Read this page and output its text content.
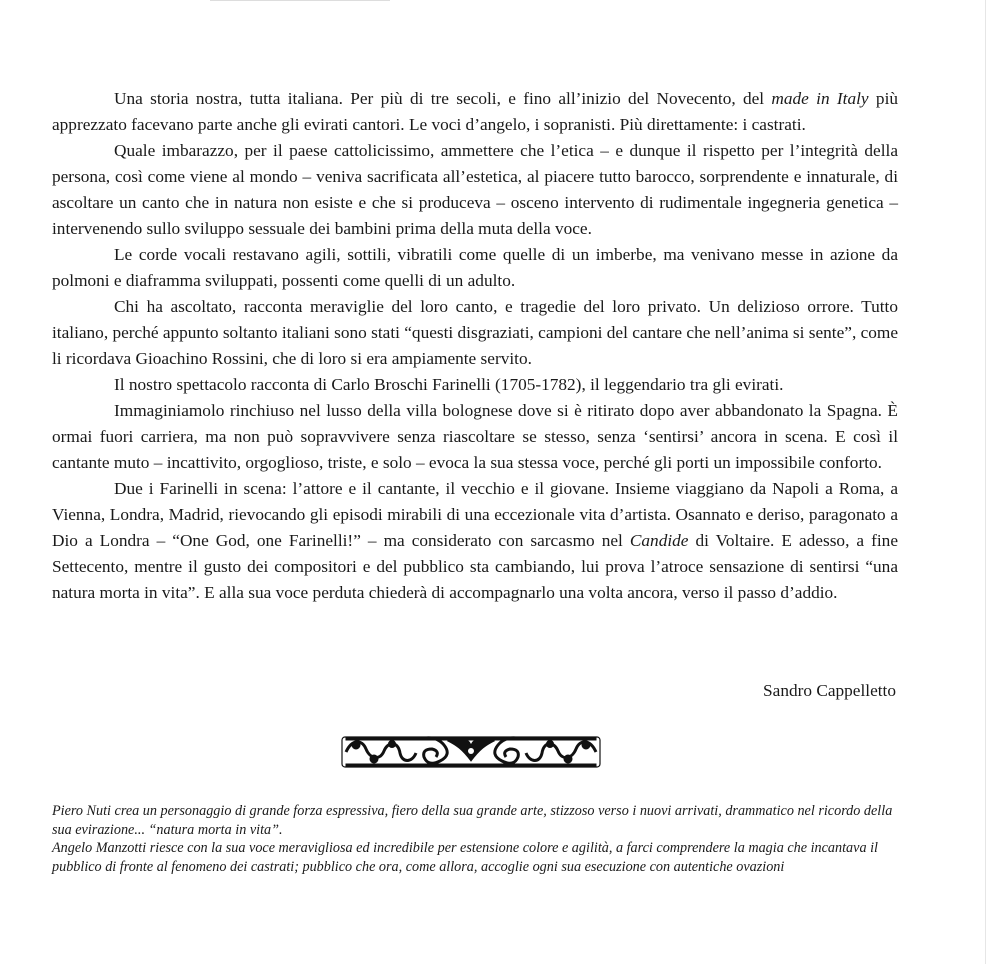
Una storia nostra, tutta italiana. Per più di tre secoli, e fino all’inizio del Novecento, del made in Italy più apprezzato facevano parte anche gli evirati cantori. Le voci d’angelo, i sopranisti. Più direttamente: i castrati.

Quale imbarazzo, per il paese cattolicissimo, ammettere che l’etica – e dunque il rispetto per l’integrità della persona, così come viene al mondo – veniva sacrificata all’estetica, al piacere tutto barocco, sorprendente e innaturale, di ascoltare un canto che in natura non esiste e che si produceva – osceno intervento di rudimentale ingegneria genetica – intervenendo sullo sviluppo sessuale dei bambini prima della muta della voce.

Le corde vocali restavano agili, sottili, vibratili come quelle di un imberbe, ma venivano messe in azione da polmoni e diaframma sviluppati, possenti come quelli di un adulto.

Chi ha ascoltato, racconta meraviglie del loro canto, e tragedie del loro privato. Un delizioso orrore. Tutto italiano, perché appunto soltanto italiani sono stati “questi disgraziati, campioni del cantare che nell’anima si sente”, come li ricordava Gioachino Rossini, che di loro si era ampiamente servito.

Il nostro spettacolo racconta di Carlo Broschi Farinelli (1705-1782), il leggendario tra gli evirati.

Immaginiamolo rinchiuso nel lusso della villa bolognese dove si è ritirato dopo aver abbandonato la Spagna. È ormai fuori carriera, ma non può sopravvivere senza riascoltare se stesso, senza ‘sentirsi’ ancora in scena. E così il cantante muto – incattivito, orgoglioso, triste, e solo – evoca la sua stessa voce, perché gli porti un impossibile conforto.

Due i Farinelli in scena: l’attore e il cantante, il vecchio e il giovane. Insieme viaggiano da Napoli a Roma, a Vienna, Londra, Madrid, rievocando gli episodi mirabili di una eccezionale vita d’artista. Osannato e deriso, paragonato a Dio a Londra – “One God, one Farinelli!” – ma considerato con sarcasmo nel Candide di Voltaire. E adesso, a fine Settecento, mentre il gusto dei compositori e del pubblico sta cambiando, lui prova l’atroce sensazione di sentirsi “una natura morta in vita”. E alla sua voce perduta chiederà di accompagnarlo una volta ancora, verso il passo d’addio.

Sandro Cappelletto

Piero Nuti crea un personaggio di grande forza espressiva, fiero della sua grande arte, stizzoso verso i nuovi arrivati, drammatico nel ricordo della sua evirazione... “natura morta in vita”.

Angelo Manzotti riesce con la sua voce meravigliosa ed incredibile per estensione colore e agilità, a farci comprendere la magia che incantava il pubblico di fronte al fenomeno dei castrati; pubblico che ora, come allora, accoglie ogni sua esecuzione con autentiche ovazioni
